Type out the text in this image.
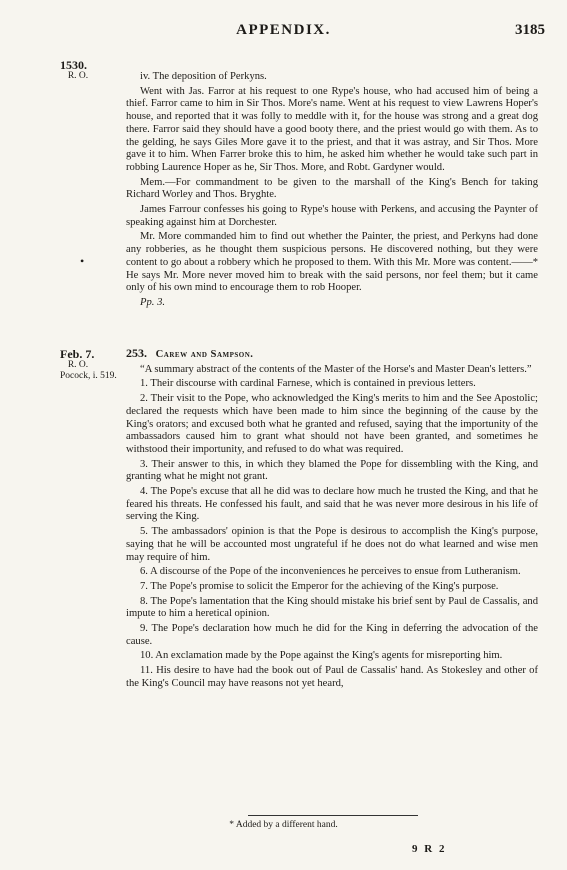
APPENDIX.	3185
1530.
R. O.
Feb. 7.
R. O.
Pocock, i. 519.
•

iv. The deposition of Perkyns.

Went with Jas. Farror at his request to one Rype's house, who had accused him of being a thief. Farror came to him in Sir Thos. More's name. Went at his request to view Lawrens Hoper's house, and reported that it was folly to meddle with it, for the house was strong and a great dog there. Farror said they should have a good booty there, and the priest would go with them. As to the gelding, he says Giles More gave it to the priest, and that it was astray, and Sir Thos. More gave it to him. When Farrer broke this to him, he asked him whether he would take such part in robbing Laurence Hoper as he, Sir Thos. More, and Robt. Gardyner would.

Mem.—For commandment to be given to the marshall of the King's Bench for taking Richard Worley and Thos. Bryghte.

James Farrour confesses his going to Rype's house with Perkens, and accusing the Paynter of speaking against him at Dorchester.

Mr. More commanded him to find out whether the Painter, the priest, and Perkyns had done any robberies, as he thought them suspicious persons. He discovered nothing, but they were content to go about a robbery which he proposed to them. With this Mr. More was content.——* He says Mr. More never moved him to break with the said persons, nor feel them; but it came only of his own mind to encourage them to rob Hooper.

Pp. 3.

253. Carew and Sampson.

“A summary abstract of the contents of the Master of the Horse's and Master Dean's letters.”

1. Their discourse with cardinal Farnese, which is contained in previous letters.

2. Their visit to the Pope, who acknowledged the King's merits to him and the See Apostolic; declared the requests which have been made to him since the beginning of the cause by the King's orators; and excused both what he granted and refused, saying that the importunity of the ambassadors caused him to grant what should not have been granted, and sometimes he withstood their importunity, and refused to do what was required.

3. Their answer to this, in which they blamed the Pope for dissembling with the King, and granting what he might not grant.

4. The Pope's excuse that all he did was to declare how much he trusted the King, and that he feared his threats. He confessed his fault, and said that he was never more desirous in his life of serving the King.

5. The ambassadors' opinion is that the Pope is desirous to accomplish the King's purpose, saying that he will be accounted most ungrateful if he does not do what learned and wise men may require of him.

6. A discourse of the Pope of the inconveniences he perceives to ensue from Lutheranism.

7. The Pope's promise to solicit the Emperor for the achieving of the King's purpose.

8. The Pope's lamentation that the King should mistake his brief sent by Paul de Cassalis, and impute to him a heretical opinion.

9. The Pope's declaration how much he did for the King in deferring the advocation of the cause.

10. An exclamation made by the Pope against the King's agents for misreporting him.

11. His desire to have had the book out of Paul de Cassalis' hand. As Stokesley and other of the King's Council may have reasons not yet heard,

* Added by a different hand.
9 R 2
